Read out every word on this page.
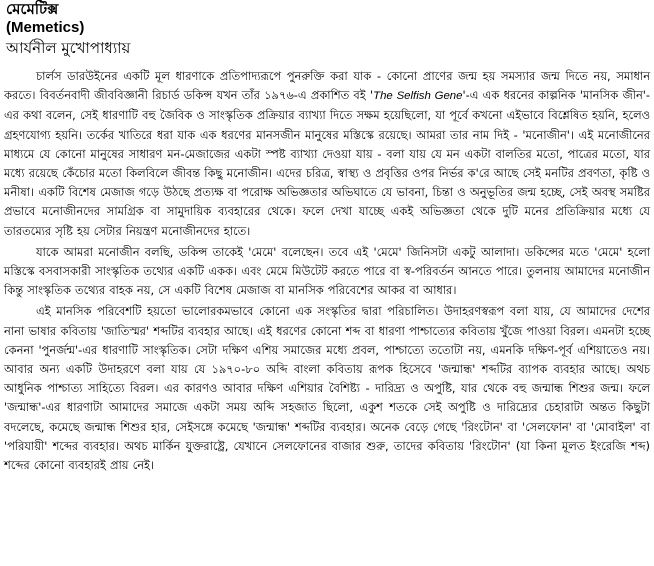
মেমেটিক্স
(Memetics)
আর্যনীল মুখোপাধ্যায়

চার্লস ডারউইনের একটি মূল ধারণাকে প্রতিপাদ্যরূপে পুনরুক্তি করা যাক - কোনো প্রাণের জন্ম হয় সমস্যার জন্ম দিতে নয়, সমাধান করতে। বিবর্তনবাদী জীববিজ্ঞানী রিচার্ড ডকিন্স যখন তাঁর ১৯৭৬-এ প্রকাশিত বই 'The Selfish Gene'-এ এক ধরনের কাল্পনিক 'মানসিক জীন'-এর কথা বলেন, সেই ধারণাটি বহু জৈবিক ও সাংস্কৃতিক প্রক্রিয়ার ব্যাখ্যা দিতে সক্ষম হয়েছিলো, যা পূর্বে কখনো এইভাবে বিশ্লেষিত হয়নি, হলেও গ্রহণযোগ্য হয়নি। তর্কের খাতিরে ধরা যাক এক ধরণের মানসজীন মানুষের মস্তিস্কে রয়েছে। আমরা তার নাম দিই - 'মনোজীন'। এই মনোজীনের মাধ্যমে যে কোনো মানুষের সাধারণ মন-মেজাজের একটা স্পষ্ট ব্যাখ্যা দেওয়া যায় - বলা যায় যে মন একটা বালতির মতো, পাত্রের মতো, যার মধ্যে রয়েছে কেঁচোর মতো কিলবিলে জীবন্ত কিছু মনোজীন। এদের চরিত্র, স্বাস্থ্য ও প্রবৃত্তির ওপর নির্ভর ক'রে আছে সেই মনটির প্রবণতা, কৃষ্টি ও মনীষা। একটি বিশেষ মেজাজ গড়ে উঠছে প্রত্যক্ষ বা পরোক্ষ অভিজ্ঞতার অভিঘাতে যে ভাবনা, চিন্তা ও অনুভূতির জন্ম হচ্ছে, সেই অবস্থ সমষ্টির প্রভাবে মনোজীনদের সামগ্রিক বা সামুদায়িক ব্যবহারের থেকে। ফলে দেখা যাচ্ছে একই অভিজ্ঞতা থেকে দুটি মনের প্রতিক্রিয়ার মধ্যে যে তারতম্যের সৃষ্টি হয় সেটার নিয়ন্ত্রণ মনোজীনদের হাতে।

যাকে আমরা মনোজীন বলছি, ডকিন্স তাকেই 'মেমে' বলেছেন। তবে এই 'মেমে' জিনিসটা একটু আলাদা। ডকিন্সের মতে 'মেমে' হলো মস্তিস্কে বসবাসকারী সাংস্কৃতিক তথ্যের একটি একক। এবং মেমে মিউটেট করতে পারে বা স্ব-পরিবর্তন আনতে পারে। তুলনায় আমাদের মনোজীন কিন্তু সাংস্কৃতিক তথ্যের বাহক নয়, সে একটি বিশেষ মেজাজ বা মানসিক পরিবেশের আকর বা আধার।

এই মানসিক পরিবেশটি হয়তো ভালোরকমভাবে কোনো এক সংস্কৃতির দ্বারা পরিচালিত। উদাহরণস্বরূপ বলা যায়, যে আমাদের দেশের নানা ভাষার কবিতায় 'জাতিস্মর' শব্দটির ব্যবহার আছে। এই ধরণের কোনো শব্দ বা ধারণা পাশ্চাত্যের কবিতায় খুঁজে পাওয়া বিরল। এমনটা হচ্ছে কেননা 'পুনর্জন্ম'-এর ধারণাটি সাংস্কৃতিক। সেটা দক্ষিণ এশিয় সমাজের মধ্যে প্রবল, পাশ্চাত্যে ততোটা নয়, এমনকি দক্ষিণ-পূর্ব এশিয়াতেও নয়। আবার অন্য একটি উদাহরণে বলা যায় যে ১৯৭০-৮০ অব্দি বাংলা কবিতায় রূপক হিসেবে 'জন্মান্ধ' শব্দটির ব্যাপক ব্যবহার আছে। অথচ আধুনিক পাশ্চাত্য সাহিত্যে বিরল। এর কারণও আবার দক্ষিণ এশিয়ার বৈশিষ্ট্য - দারিদ্র্য ও অপুষ্টি, যার থেকে বহু জন্মান্ধ শিশুর জন্ম। ফলে 'জন্মান্ধ'-এর ধারণাটা আমাদের সমাজে একটা সময় অব্দি সহজাত ছিলো, একুশ শতকে সেই অপুষ্টি ও দারিদ্র্যের চেহারাটা অন্তত কিছুটা বদলেছে, কমেছে জন্মান্ধ শিশুর হার, সেইসঙ্গে কমেছে 'জন্মান্ধ' শব্দটির ব্যবহার। অনেক বেড়ে গেছে 'রিংটোন' বা 'সেলফোন' বা 'মোবাইল' বা 'পরিযায়ী' শব্দের ব্যবহার। অথচ মার্কিন যুক্তরাষ্ট্রে, যেখানে সেলফোনের বাজার শুরু, তাদের কবিতায় 'রিংটোন' (যা কিনা মূলত ইংরেজি শব্দ) শব্দের কোনো ব্যবহারই প্রায় নেই।
